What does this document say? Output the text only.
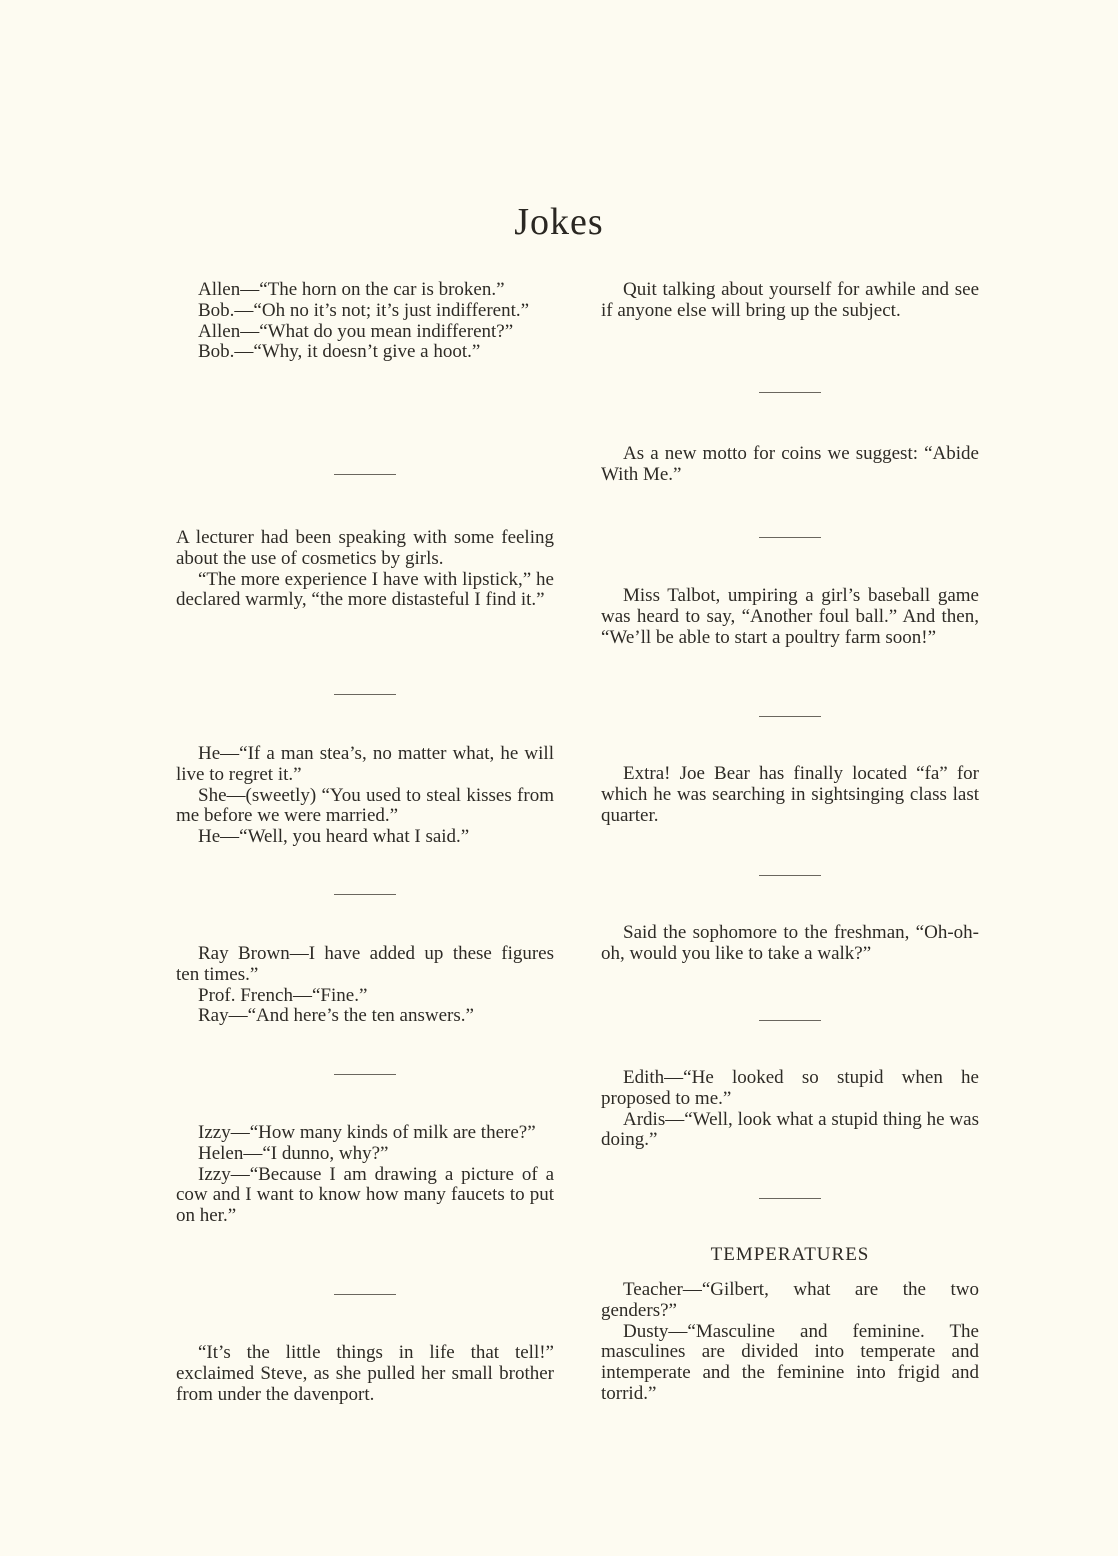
Jokes

Allen—“The horn on the car is broken.”

Bob.—“Oh no it’s not; it’s just indifferent.”

Allen—“What do you mean indifferent?”

Bob.—“Why, it doesn’t give a hoot.”

A lecturer had been speaking with some feeling about the use of cosmetics by girls.

“The more experience I have with lipstick,” he declared warmly, “the more distasteful I find it.”

He—“If a man stea’s, no matter what, he will live to regret it.”

She—(sweetly) “You used to steal kisses from me before we were married.”

He—“Well, you heard what I said.”

Ray Brown—I have added up these figures ten times.”

Prof. French—“Fine.”

Ray—“And here’s the ten answers.”

Izzy—“How many kinds of milk are there?”

Helen—“I dunno, why?”

Izzy—“Because I am drawing a picture of a cow and I want to know how many faucets to put on her.”

“It’s the little things in life that tell!” exclaimed Steve, as she pulled her small brother from under the davenport.

Quit talking about yourself for awhile and see if anyone else will bring up the subject.

As a new motto for coins we suggest: “Abide With Me.”

Miss Talbot, umpiring a girl’s baseball game was heard to say, “Another foul ball.” And then, “We’ll be able to start a poultry farm soon!”

Extra! Joe Bear has finally located “fa” for which he was searching in sightsinging class last quarter.

Said the sophomore to the freshman, “Oh-oh-oh, would you like to take a walk?”

Edith—“He looked so stupid when he proposed to me.”

Ardis—“Well, look what a stupid thing he was doing.”

TEMPERATURES

Teacher—“Gilbert, what are the two genders?”

Dusty—“Masculine and feminine. The masculines are divided into temperate and intemperate and the feminine into frigid and torrid.”
